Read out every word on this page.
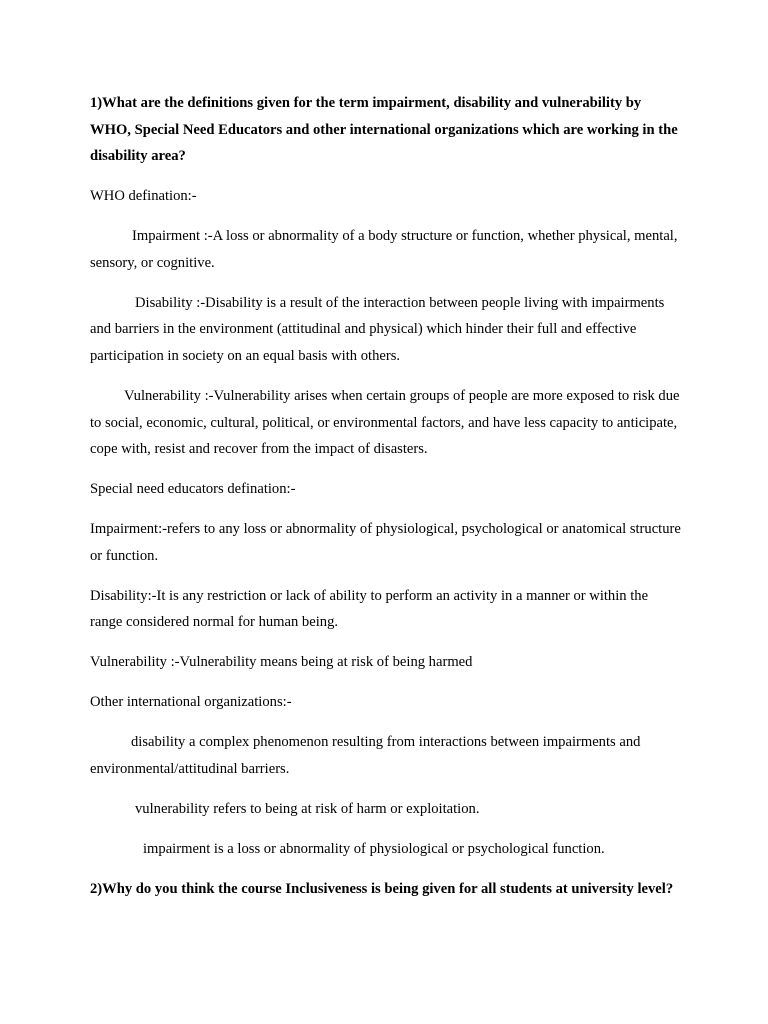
1)What are the definitions given for the term impairment, disability and vulnerability by WHO, Special Need Educators and other international organizations which are working in the disability area?

WHO defination:-

Impairment :-A loss or abnormality of a body structure or function, whether physical, mental, sensory, or cognitive.

Disability :-Disability is a result of the interaction between people living with impairments and barriers in the environment (attitudinal and physical) which hinder their full and effective participation in society on an equal basis with others.

Vulnerability :-Vulnerability arises when certain groups of people are more exposed to risk due to social, economic, cultural, political, or environmental factors, and have less capacity to anticipate, cope with, resist and recover from the impact of disasters.

Special need educators defination:-

Impairment:-refers to any loss or abnormality of physiological, psychological or anatomical structure or function.

Disability:-It is any restriction or lack of ability to perform an activity in a manner or within the range considered normal for human being.

Vulnerability :-Vulnerability means being at risk of being harmed

Other international organizations:-

disability a complex phenomenon resulting from interactions between impairments and environmental/attitudinal barriers.

vulnerability refers to being at risk of harm or exploitation.

impairment is a loss or abnormality of physiological or psychological function.

2)Why do you think the course Inclusiveness is being given for all students at university level?
